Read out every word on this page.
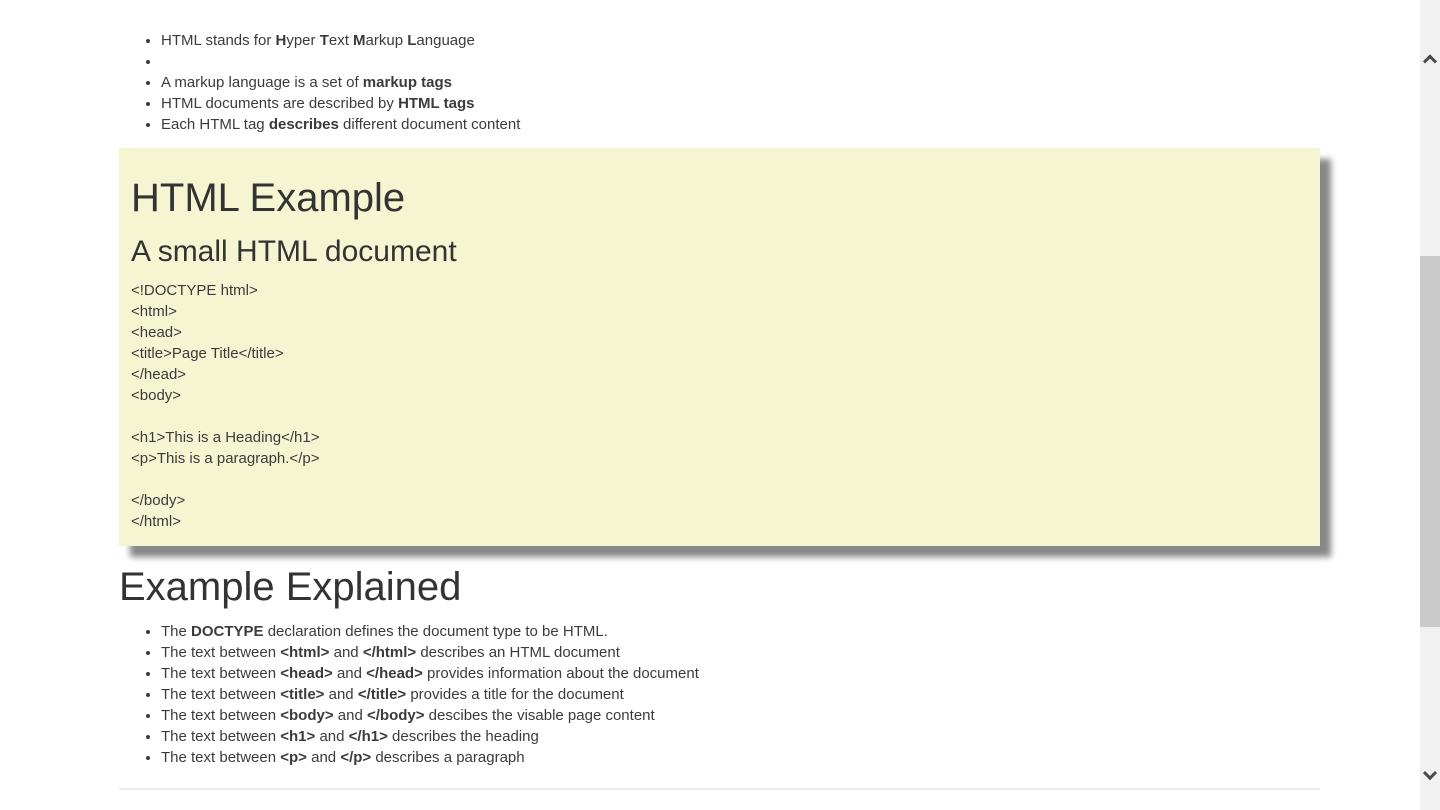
• HTML stands for Hyper Text Markup Language
•
• A markup language is a set of markup tags
• HTML documents are described by HTML tags
• Each HTML tag describes different document content
HTML Example
A small HTML document
<!DOCTYPE html>
<html>
<head>
<title>Page Title</title>
</head>
<body>

<h1>This is a Heading</h1>
<p>This is a paragraph.</p>

</body>
</html>
Example Explained
• The DOCTYPE declaration defines the document type to be HTML.
• The text between <html> and </html> describes an HTML document
• The text between <head> and </head> provides information about the document
• The text between <title> and </title> provides a title for the document
• The text between <body> and </body> descibes the visable page content
• The text between <h1> and </h1> describes the heading
• The text between <p> and </p> describes a paragraph
